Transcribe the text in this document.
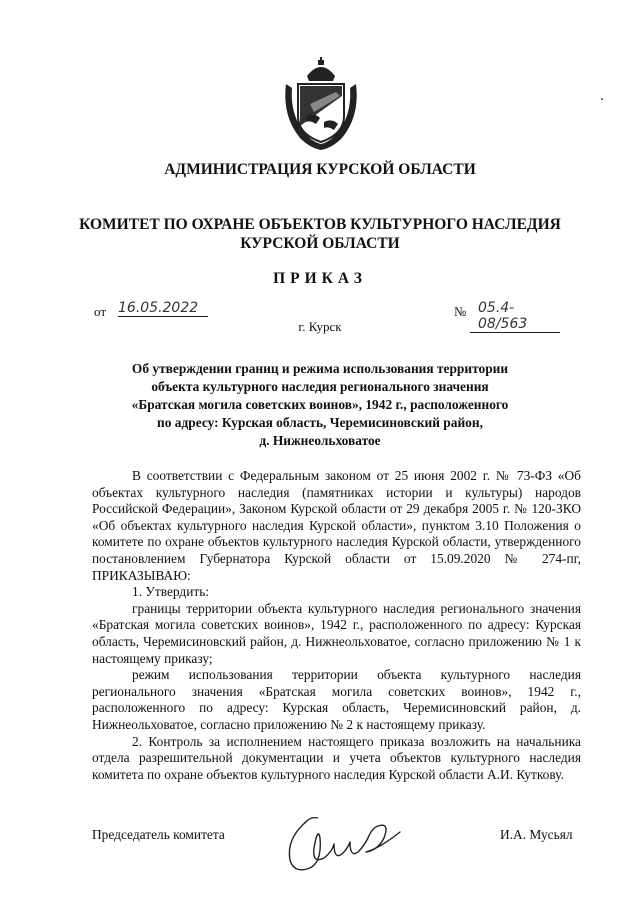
АДМИНИСТРАЦИЯ КУРСКОЙ ОБЛАСТИ
КОМИТЕТ ПО ОХРАНЕ ОБЪЕКТОВ КУЛЬТУРНОГО НАСЛЕДИЯ
КУРСКОЙ ОБЛАСТИ
ПРИКАЗ
от 16.05.2022	№ 05.4-08/563
г. Курск
Об утверждении границ и режима использования территории
объекта культурного наследия регионального значения
«Братская могила советских воинов», 1942 г., расположенного
по адресу: Курская область, Черемисиновский район,
д. Нижнеольховатое

В соответствии с Федеральным законом от 25 июня 2002 г. № 73-ФЗ «Об объектах культурного наследия (памятниках истории и культуры) народов Российской Федерации», Законом Курской области от 29 декабря 2005 г. № 120-ЗКО «Об объектах культурного наследия Курской области», пунктом 3.10 Положения о комитете по охране объектов культурного наследия Курской области, утвержденного постановлением Губернатора Курской области от 15.09.2020 № 274-пг, ПРИКАЗЫВАЮ:

1. Утвердить:

границы территории объекта культурного наследия регионального значения «Братская могила советских воинов», 1942 г., расположенного по адресу: Курская область, Черемисиновский район, д. Нижнеольховатое, согласно приложению № 1 к настоящему приказу;

режим использования территории объекта культурного наследия регионального значения «Братская могила советских воинов», 1942 г., расположенного по адресу: Курская область, Черемисиновский район, д. Нижнеольховатое, согласно приложению № 2 к настоящему приказу.

2. Контроль за исполнением настоящего приказа возложить на начальника отдела разрешительной документации и учета объектов культурного наследия комитета по охране объектов культурного наследия Курской области А.И. Куткову.

Председатель комитета	И.А. Мусьял
